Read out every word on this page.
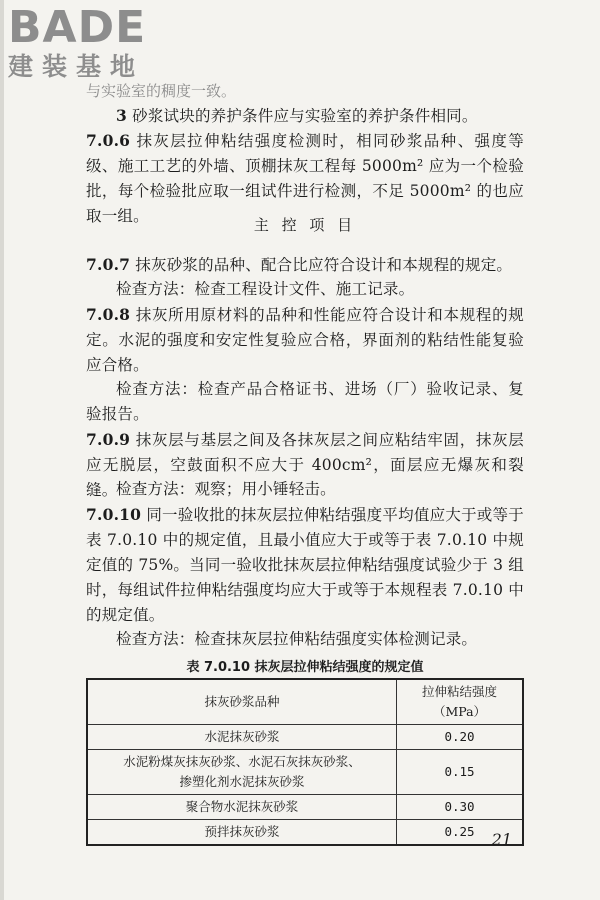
BADE
建装基地
与实验室的稠度一致。
3 砂浆试块的养护条件应与实验室的养护条件相同。
7.0.6 抹灰层拉伸粘结强度检测时，相同砂浆品种、强度等级、施工工艺的外墙、顶棚抹灰工程每 5000m² 应为一个检验批，每个检验批应取一组试件进行检测，不足 5000m² 的也应取一组。	主 控 项 目
7.0.7 抹灰砂浆的品种、配合比应符合设计和本规程的规定。
检查方法：检查工程设计文件、施工记录。
7.0.8 抹灰所用原材料的品种和性能应符合设计和本规程的规定。水泥的强度和安定性复验应合格，界面剂的粘结性能复验应合格。
检查方法：检查产品合格证书、进场（厂）验收记录、复验报告。
7.0.9 抹灰层与基层之间及各抹灰层之间应粘结牢固，抹灰层应无脱层，空鼓面积不应大于 400cm²，面层应无爆灰和裂缝。
检查方法：观察；用小锤轻击。
7.0.10 同一验收批的抹灰层拉伸粘结强度平均值应大于或等于表 7.0.10 中的规定值，且最小值应大于或等于表 7.0.10 中规定值的 75%。当同一验收批抹灰层拉伸粘结强度试验少于 3 组时，每组试件拉伸粘结强度均应大于或等于本规程表 7.0.10 中的规定值。
检查方法：检查抹灰层拉伸粘结强度实体检测记录。
表 7.0.10 抹灰层拉伸粘结强度的规定值
抹灰砂浆品种	拉伸粘结强度（MPa）
水泥抹灰砂浆	0.20

水泥粉煤灰抹灰砂浆、水泥石灰抹灰砂浆、
掺塑化剂水泥抹灰砂浆	0.15
聚合物水泥抹灰砂浆	0.30
预拌抹灰砂浆	0.25 21
